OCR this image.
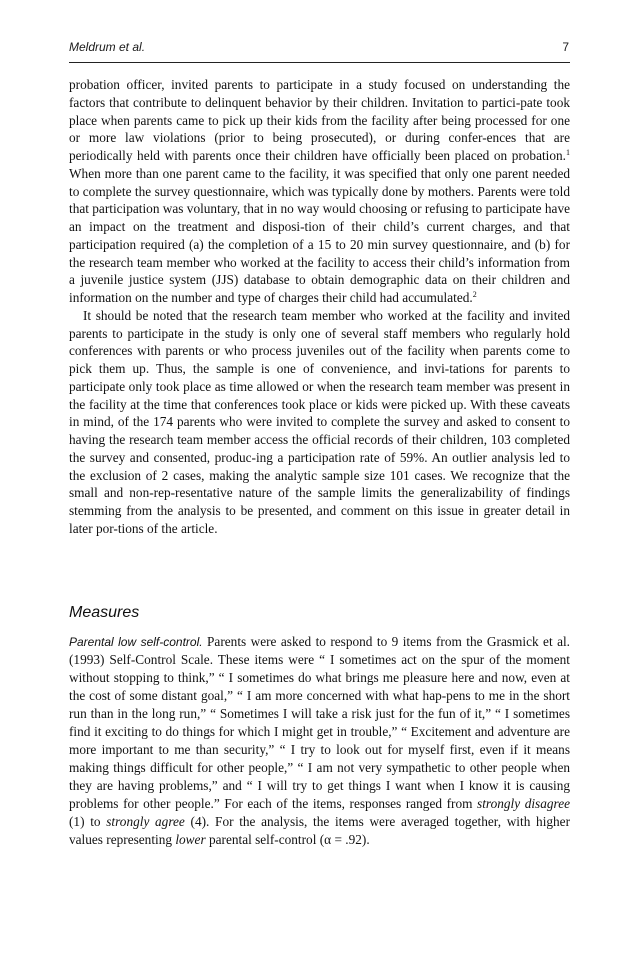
Meldrum et al.	7

probation officer, invited parents to participate in a study focused on understanding the factors that contribute to delinquent behavior by their children. Invitation to partici-pate took place when parents came to pick up their kids from the facility after being processed for one or more law violations (prior to being prosecuted), or during confer-ences that are periodically held with parents once their children have officially been placed on probation.$^1$ When more than one parent came to the facility, it was specified that only one parent needed to complete the survey questionnaire, which was typically done by mothers. Parents were told that participation was voluntary, that in no way would choosing or refusing to participate have an impact on the treatment and disposi-tion of their child’s current charges, and that participation required (a) the completion of a 15 to 20 min survey questionnaire, and (b) for the research team member who worked at the facility to access their child’s information from a juvenile justice system (JJS) database to obtain demographic data on their children and information on the number and type of charges their child had accumulated.$^2$

It should be noted that the research team member who worked at the facility and invited parents to participate in the study is only one of several staff members who regularly hold conferences with parents or who process juveniles out of the facility when parents come to pick them up. Thus, the sample is one of convenience, and invi-tations for parents to participate only took place as time allowed or when the research team member was present in the facility at the time that conferences took place or kids were picked up. With these caveats in mind, of the 174 parents who were invited to complete the survey and asked to consent to having the research team member access the official records of their children, 103 completed the survey and consented, produc-ing a participation rate of 59%. An outlier analysis led to the exclusion of 2 cases, making the analytic sample size 101 cases. We recognize that the small and non-rep-resentative nature of the sample limits the generalizability of findings stemming from the analysis to be presented, and comment on this issue in greater detail in later por-tions of the article.

Measures

Parental low self-control. Parents were asked to respond to 9 items from the Grasmick et al. (1993) Self-Control Scale. These items were “ I sometimes act on the spur of the moment without stopping to think,” “ I sometimes do what brings me pleasure here and now, even at the cost of some distant goal,” “ I am more concerned with what hap-pens to me in the short run than in the long run,” “ Sometimes I will take a risk just for the fun of it,” “ I sometimes find it exciting to do things for which I might get in trouble,” “ Excitement and adventure are more important to me than security,” “ I try to look out for myself first, even if it means making things difficult for other people,” “ I am not very sympathetic to other people when they are having problems,” and “ I will try to get things I want when I know it is causing problems for other people.” For each of the items, responses ranged from strongly disagree (1) to strongly agree (4). For the analysis, the items were averaged together, with higher values representing lower parental self-control (α = .92).
